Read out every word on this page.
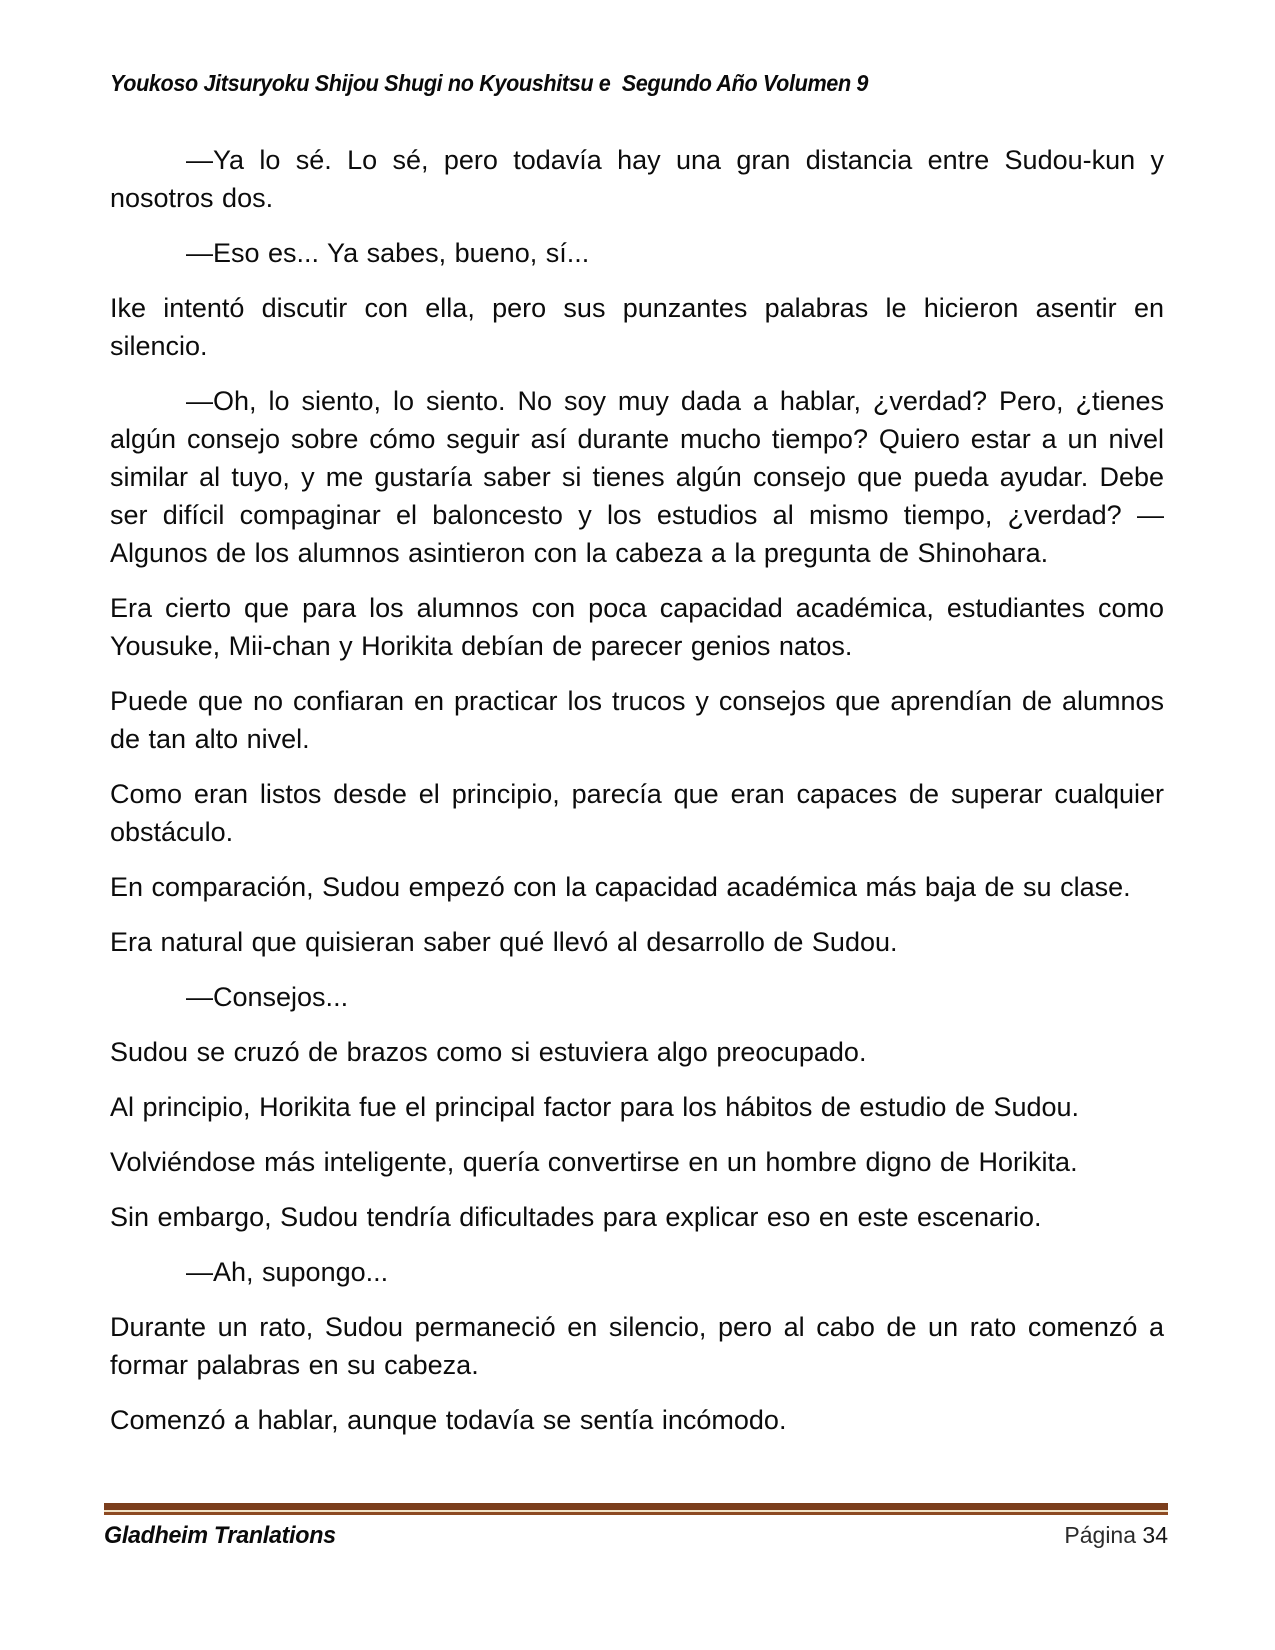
Youkoso Jitsuryoku Shijou Shugi no Kyoushitsu e  Segundo Año Volumen 9

—Ya lo sé. Lo sé, pero todavía hay una gran distancia entre Sudou-kun y nosotros dos.

—Eso es... Ya sabes, bueno, sí...

Ike intentó discutir con ella, pero sus punzantes palabras le hicieron asentir en silencio.

—Oh, lo siento, lo siento. No soy muy dada a hablar, ¿verdad? Pero, ¿tienes algún consejo sobre cómo seguir así durante mucho tiempo? Quiero estar a un nivel similar al tuyo, y me gustaría saber si tienes algún consejo que pueda ayudar. Debe ser difícil compaginar el baloncesto y los estudios al mismo tiempo, ¿verdad? —Algunos de los alumnos asintieron con la cabeza a la pregunta de Shinohara.

Era cierto que para los alumnos con poca capacidad académica, estudiantes como Yousuke, Mii-chan y Horikita debían de parecer genios natos.

Puede que no confiaran en practicar los trucos y consejos que aprendían de alumnos de tan alto nivel.

Como eran listos desde el principio, parecía que eran capaces de superar cualquier obstáculo.

En comparación, Sudou empezó con la capacidad académica más baja de su clase.

Era natural que quisieran saber qué llevó al desarrollo de Sudou.

—Consejos...

Sudou se cruzó de brazos como si estuviera algo preocupado.

Al principio, Horikita fue el principal factor para los hábitos de estudio de Sudou.

Volviéndose más inteligente, quería convertirse en un hombre digno de Horikita.

Sin embargo, Sudou tendría dificultades para explicar eso en este escenario.

—Ah, supongo...

Durante un rato, Sudou permaneció en silencio, pero al cabo de un rato comenzó a formar palabras en su cabeza.

Comenzó a hablar, aunque todavía se sentía incómodo.

Gladheim Tranlations	Página 34
